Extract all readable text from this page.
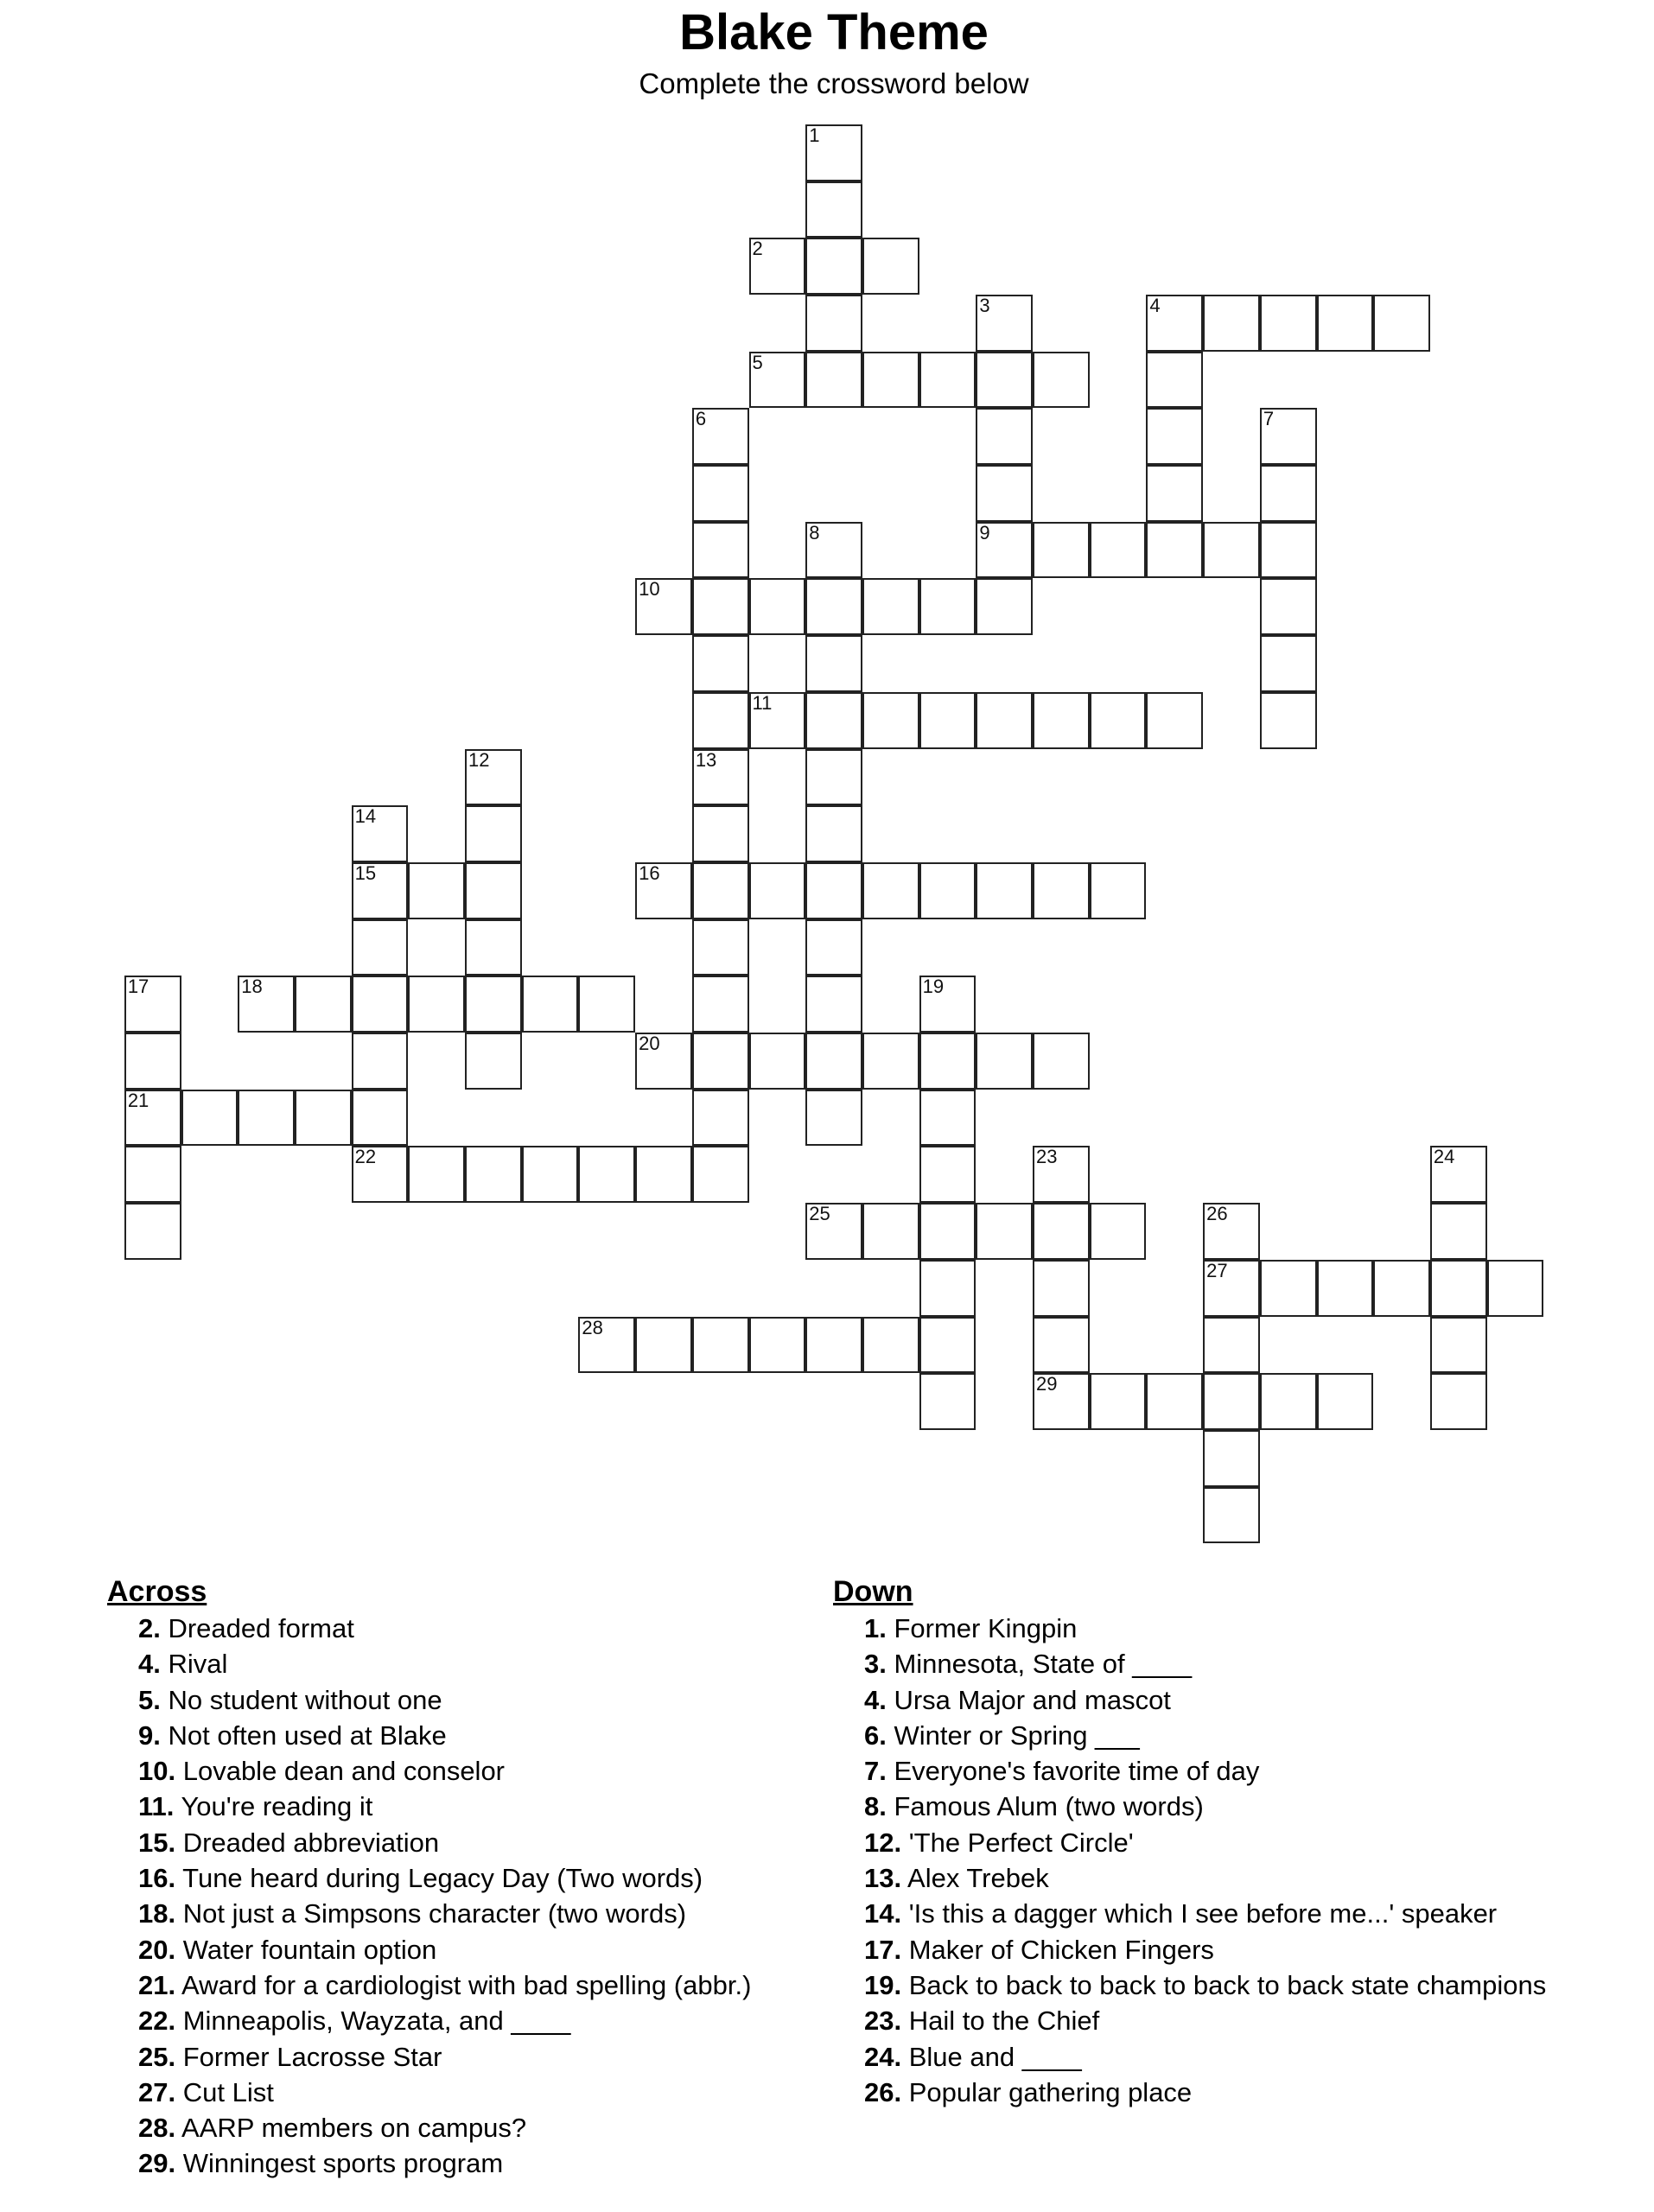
Blake Theme
Complete the crossword below
1
2
3
9
4
5
6	7
8
10
11
12	13
14
15
22
16
17
21
18	19
20
23
29
24
25	26
27
28
Across
2. Dreaded format
4. Rival
5. No student without one
9. Not often used at Blake
10. Lovable dean and conselor
11. You're reading it
15. Dreaded abbreviation
16. Tune heard during Legacy Day (Two words)
18. Not just a Simpsons character (two words)
20. Water fountain option
21. Award for a cardiologist with bad spelling (abbr.)
22. Minneapolis, Wayzata, and ____
25. Former Lacrosse Star
27. Cut List
28. AARP members on campus?
29. Winningest sports program
Down
1. Former Kingpin
3. Minnesota, State of ____
4. Ursa Major and mascot
6. Winter or Spring ___
7. Everyone's favorite time of day
8. Famous Alum (two words)
12. 'The Perfect Circle'
13. Alex Trebek
14. 'Is this a dagger which I see before me...' speaker
17. Maker of Chicken Fingers
19. Back to back to back to back to back state champions
23. Hail to the Chief
24. Blue and ____
26. Popular gathering place
